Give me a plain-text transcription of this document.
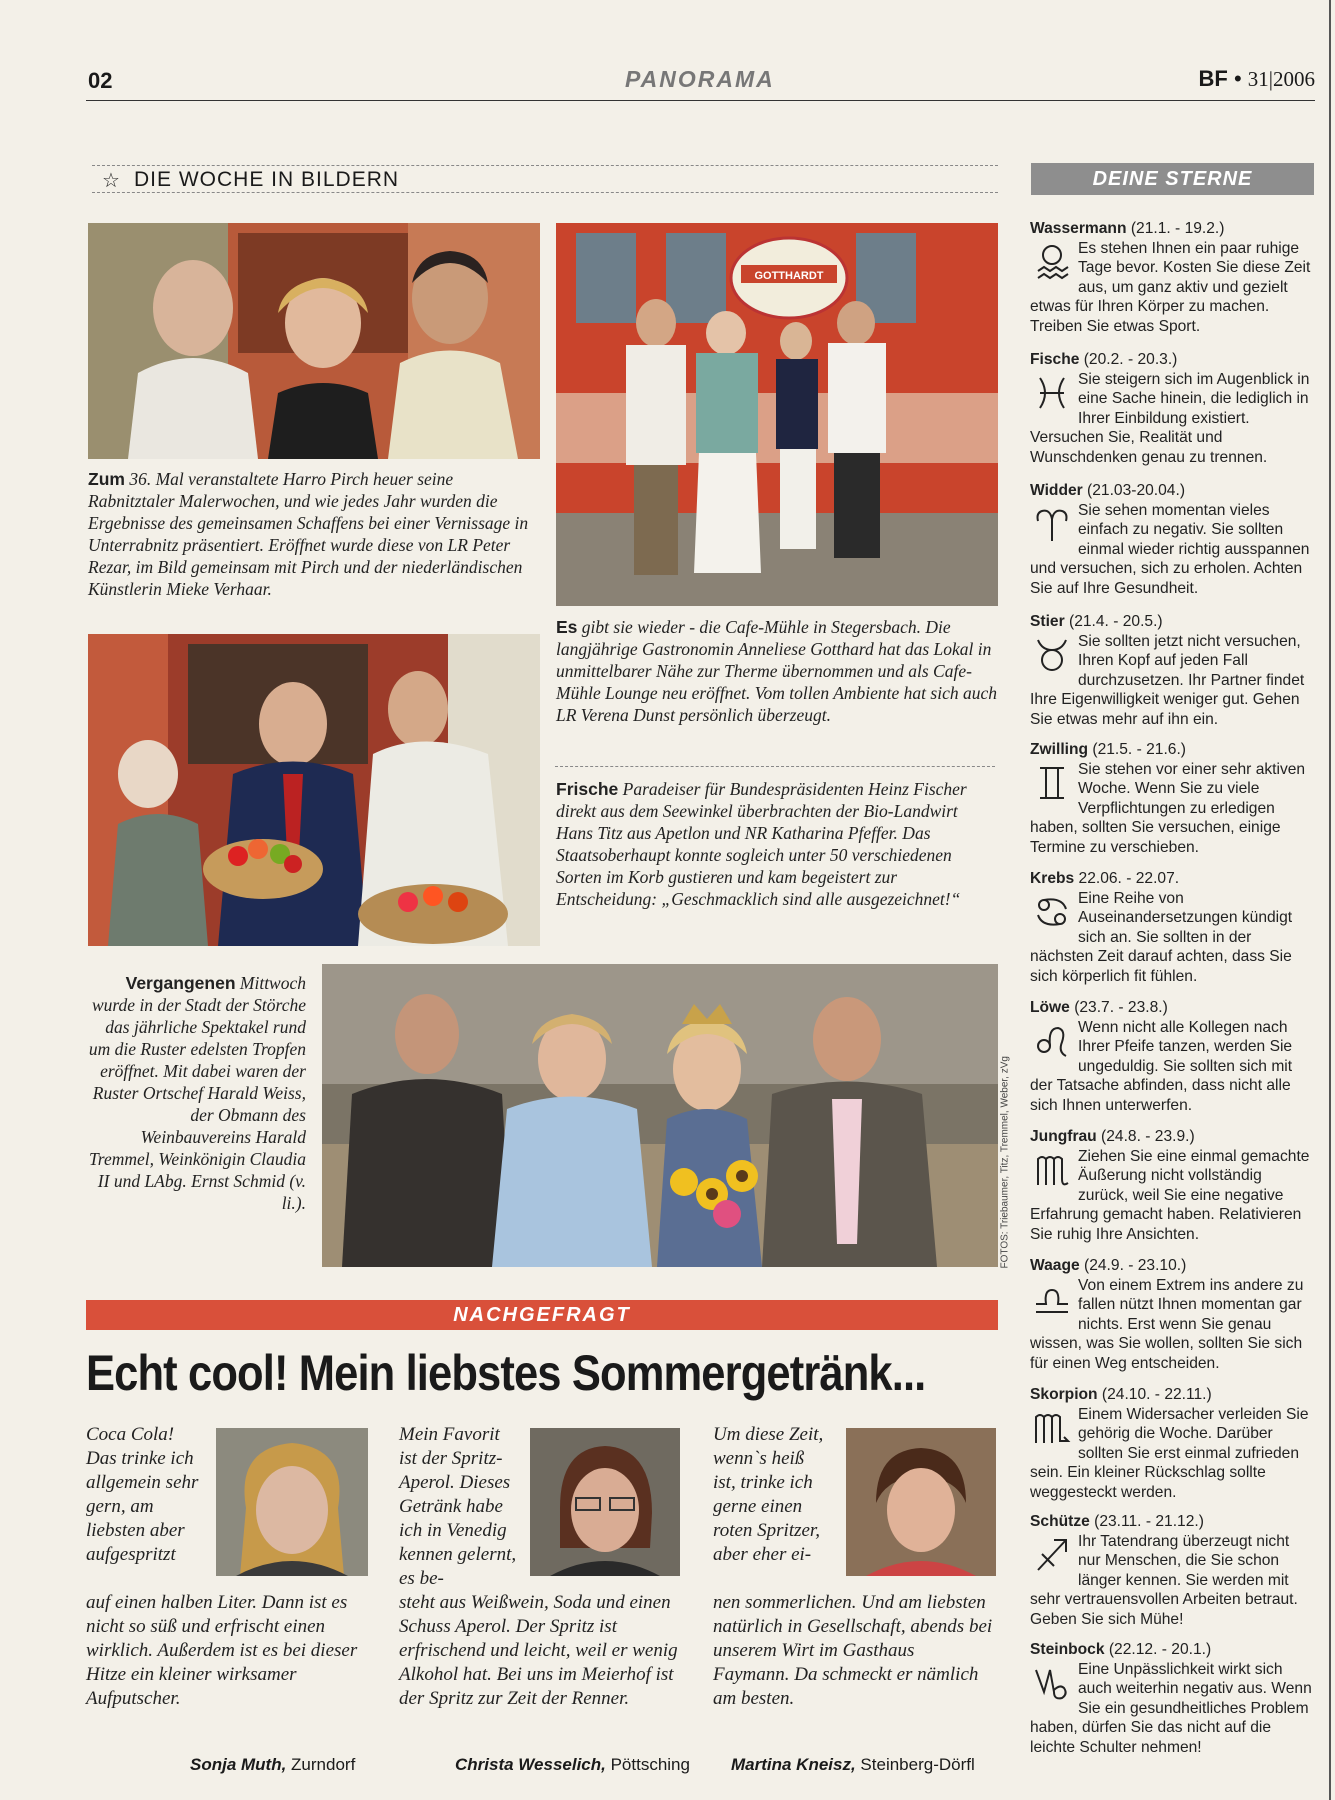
02	PANORAMA	BF • 31|2006
☆ DIE WOCHE IN BILDERN
Zum 36. Mal veranstaltete Harro Pirch heuer seine Rabnitztaler Malerwochen, und wie jedes Jahr wurden die Ergebnisse des gemeinsamen Schaffens bei einer Vernissage in Unterrabnitz präsentiert. Eröffnet wurde diese von LR Peter Rezar, im Bild gemeinsam mit Pirch und der niederländischen Künstlerin Mieke Verhaar.
GOTTHARDT
Es gibt sie wieder - die Cafe-Mühle in Stegersbach. Die langjährige Gastronomin Anneliese Gotthard hat das Lokal in unmittelbarer Nähe zur Therme übernommen und als Cafe-Mühle Lounge neu eröffnet. Vom tollen Ambiente hat sich auch LR Verena Dunst persönlich überzeugt.
Frische Paradeiser für Bundespräsidenten Heinz Fischer direkt aus dem Seewinkel überbrachten der Bio-Landwirt Hans Titz aus Apetlon und NR Katharina Pfeffer. Das Staatsoberhaupt konnte sogleich unter 50 verschiedenen Sorten im Korb gustieren und kam begeistert zur Entscheidung: „Geschmacklich sind alle ausgezeichnet!“
Vergangenen Mittwoch wurde in der Stadt der Störche das jährliche Spektakel rund um die Ruster edelsten Tropfen eröffnet. Mit dabei waren der Ruster Ortschef Harald Weiss, der Obmann des Weinbauvereins Harald Tremmel, Weinkönigin Claudia II und LAbg. Ernst Schmid (v. li.).	FOTOS: Triebaumer, Titz, Tremmel, Weber, zVg
NACHGEFRAGT
Echt cool! Mein liebstes Sommergetränk...
Coca Cola! Das trinke ich allgemein sehr gern, am liebsten aber aufgespritzt
auf einen halben Liter. Dann ist es nicht so süß und erfrischt einen wirklich. Außerdem ist es bei dieser Hitze ein kleiner wirksamer Aufputscher.
Sonja Muth, Zurndorf
Mein Favorit ist der Spritz-Aperol. Dieses Getränk habe ich in Venedig kennen gelernt, es be-
steht aus Weißwein, Soda und einen Schuss Aperol. Der Spritz ist erfrischend und leicht, weil er wenig Alkohol hat. Bei uns im Meierhof ist der Spritz zur Zeit der Renner.
Christa Wesselich, Pöttsching
Um diese Zeit, wenn`s heiß ist, trinke ich gerne einen roten Spritzer, aber eher ei-
nen sommerlichen. Und am liebsten natürlich in Gesellschaft, abends bei unserem Wirt im Gasthaus Faymann. Da schmeckt er nämlich am besten.
Martina Kneisz, Steinberg-Dörfl
DEINE STERNE
Wassermann (21.1. - 19.2.)
Es stehen Ihnen ein paar ruhige Tage bevor. Kosten Sie diese Zeit aus, um ganz aktiv und gezielt etwas für Ihren Körper zu machen. Treiben Sie etwas Sport.
Fische (20.2. - 20.3.)
Sie steigern sich im Augenblick in eine Sache hinein, die lediglich in Ihrer Einbildung existiert. Versuchen Sie, Realität und Wunschdenken genau zu trennen.
Widder (21.03-20.04.)
Sie sehen momentan vieles einfach zu negativ. Sie sollten einmal wieder richtig ausspannen und versuchen, sich zu erholen. Achten Sie auf Ihre Gesundheit.
Stier (21.4. - 20.5.)
Sie sollten jetzt nicht versuchen, Ihren Kopf auf jeden Fall durchzusetzen. Ihr Partner findet Ihre Eigenwilligkeit weniger gut. Gehen Sie etwas mehr auf ihn ein.
Zwilling (21.5. - 21.6.)
Sie stehen vor einer sehr aktiven Woche. Wenn Sie zu viele Verpflichtungen zu erledigen haben, sollten Sie versuchen, einige Termine zu verschieben.
Krebs 22.06. - 22.07.
Eine Reihe von Auseinandersetzungen kündigt sich an. Sie sollten in der nächsten Zeit darauf achten, dass Sie sich körperlich fit fühlen.
Löwe (23.7. - 23.8.)
Wenn nicht alle Kollegen nach Ihrer Pfeife tanzen, werden Sie ungeduldig. Sie sollten sich mit der Tatsache abfinden, dass nicht alle sich Ihnen unterwerfen.
Jungfrau (24.8. - 23.9.)
Ziehen Sie eine einmal gemachte Äußerung nicht vollständig zurück, weil Sie eine negative Erfahrung gemacht haben. Relativieren Sie ruhig Ihre Ansichten.
Waage (24.9. - 23.10.)
Von einem Extrem ins andere zu fallen nützt Ihnen momentan gar nichts. Erst wenn Sie genau wissen, was Sie wollen, sollten Sie sich für einen Weg entscheiden.
Skorpion (24.10. - 22.11.)
Einem Widersacher verleiden Sie gehörig die Woche. Darüber sollten Sie erst einmal zufrieden sein. Ein kleiner Rückschlag sollte weggesteckt werden.
Schütze (23.11. - 21.12.)
Ihr Tatendrang überzeugt nicht nur Menschen, die Sie schon länger kennen. Sie werden mit sehr vertrauensvollen Arbeiten betraut. Geben Sie sich Mühe!
Steinbock (22.12. - 20.1.)
Eine Unpässlichkeit wirkt sich auch weiterhin negativ aus. Wenn Sie ein gesundheitliches Problem haben, dürfen Sie das nicht auf die leichte Schulter nehmen!
